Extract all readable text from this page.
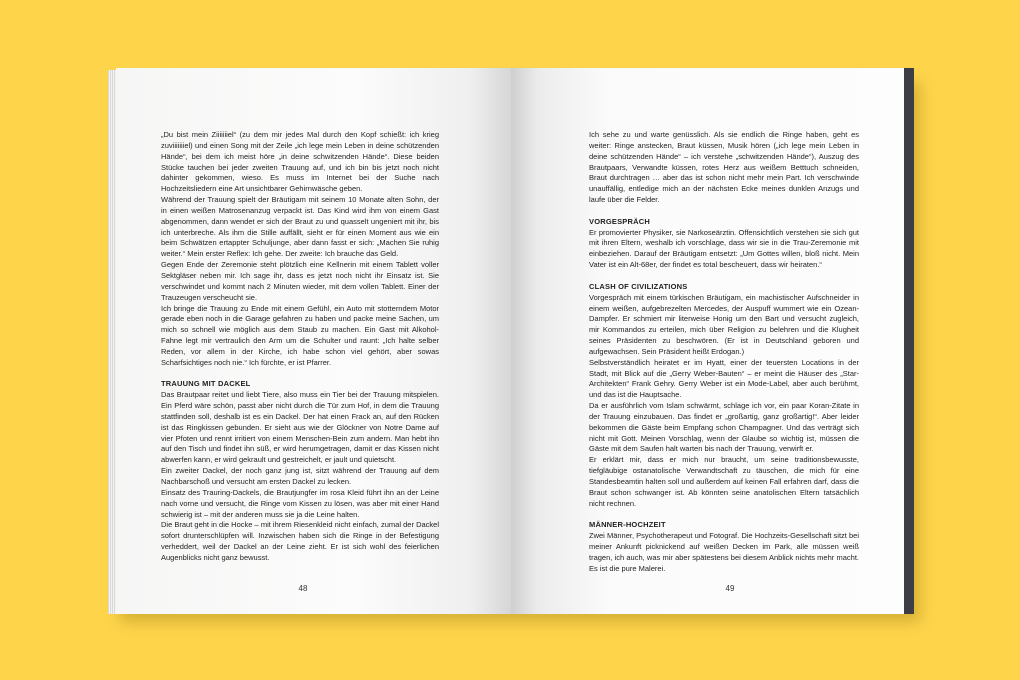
„Du bist mein Ziiiiiiiel“ (zu dem mir jedes Mal durch den Kopf schießt: ich krieg zuviiiiiiiel) und einen Song mit der Zeile „ich lege mein Leben in deine schützenden Hände“, bei dem ich meist höre „in deine schwitzenden Hände“. Diese beiden Stücke tauchen bei jeder zweiten Trauung auf, und ich bin bis jetzt noch nicht dahinter gekommen, wieso. Es muss im Internet bei der Suche nach Hochzeitsliedern eine Art unsichtbarer Gehirnwäsche geben.

Während der Trauung spielt der Bräutigam mit seinem 10 Monate alten Sohn, der in einen weißen Matrosenanzug verpackt ist. Das Kind wird ihm von einem Gast abgenommen, dann wendet er sich der Braut zu und quasselt ungeniert mit ihr, bis ich unterbreche. Als ihm die Stille auffällt, sieht er für einen Moment aus wie ein beim Schwätzen ertappter Schuljunge, aber dann fasst er sich: „Machen Sie ruhig weiter.“ Mein erster Reflex: Ich gehe. Der zweite: Ich brauche das Geld.

Gegen Ende der Zeremonie steht plötzlich eine Kellnerin mit einem Tablett voller Sektgläser neben mir. Ich sage ihr, dass es jetzt noch nicht ihr Einsatz ist. Sie verschwindet und kommt nach 2 Minuten wieder, mit dem vollen Tablett. Einer der Trauzeugen verscheucht sie.

Ich bringe die Trauung zu Ende mit einem Gefühl, ein Auto mit stotterndem Motor gerade eben noch in die Garage gefahren zu haben und packe meine Sachen, um mich so schnell wie möglich aus dem Staub zu machen. Ein Gast mit Alkohol-Fahne legt mir vertraulich den Arm um die Schulter und raunt: „Ich halte selber Reden, vor allem in der Kirche, ich habe schon viel gehört, aber sowas Scharfsichtiges noch nie.“ Ich fürchte, er ist Pfarrer.

TRAUUNG MIT DACKEL

Das Brautpaar reitet und liebt Tiere, also muss ein Tier bei der Trauung mitspielen. Ein Pferd wäre schön, passt aber nicht durch die Tür zum Hof, in dem die Trauung stattfinden soll, deshalb ist es ein Dackel. Der hat einen Frack an, auf den Rücken ist das Ringkissen gebunden. Er sieht aus wie der Glöckner von Notre Dame auf vier Pfoten und rennt irritiert von einem Menschen-Bein zum andern. Man hebt ihn auf den Tisch und findet ihn süß, er wird herumgetragen, damit er das Kissen nicht abwerfen kann, er wird gekrault und gestreichelt, er jault und quietscht.

Ein zweiter Dackel, der noch ganz jung ist, sitzt während der Trauung auf dem Nachbarschoß und versucht am ersten Dackel zu lecken.

Einsatz des Trauring-Dackels, die Brautjungfer im rosa Kleid führt ihn an der Leine nach vorne und versucht, die Ringe vom Kissen zu lösen, was aber mit einer Hand schwierig ist – mit der anderen muss sie ja die Leine halten.

Die Braut geht in die Hocke – mit ihrem Riesenkleid nicht einfach, zumal der Dackel sofort drunterschlüpfen will. Inzwischen haben sich die Ringe in der Befestigung verheddert, weil der Dackel an der Leine zieht. Er ist sich wohl des feierlichen Augenblicks nicht ganz bewusst.

48

Ich sehe zu und warte genüsslich. Als sie endlich die Ringe haben, geht es weiter: Ringe anstecken, Braut küssen, Musik hören („ich lege mein Leben in deine schützenden Hände“ – ich verstehe „schwitzenden Hände“), Auszug des Brautpaars, Verwandte küssen, rotes Herz aus weißem Betttuch schneiden, Braut durchtragen … aber das ist schon nicht mehr mein Part. Ich verschwinde unauffällig, entledige mich an der nächsten Ecke meines dunklen Anzugs und laufe über die Felder.

VORGESPRÄCH

Er promovierter Physiker, sie Narkoseärztin. Offensichtlich verstehen sie sich gut mit ihren Eltern, weshalb ich vorschlage, dass wir sie in die Trau-Zeremonie mit einbeziehen. Darauf der Bräutigam entsetzt: „Um Gottes willen, bloß nicht. Mein Vater ist ein Alt-68er, der findet es total bescheuert, dass wir heiraten.“

CLASH OF CIVILIZATIONS

Vorgespräch mit einem türkischen Bräutigam, ein machistischer Aufschneider in einem weißen, aufgebrezelten Mercedes, der Auspuff wummert wie ein Ozean-Dampfer. Er schmiert mir literweise Honig um den Bart und versucht zugleich, mir Kommandos zu erteilen, mich über Religion zu belehren und die Klugheit seines Präsidenten zu beschwören. (Er ist in Deutschland geboren und aufgewachsen. Sein Präsident heißt Erdogan.)

Selbstverständlich heiratet er im Hyatt, einer der teuersten Locations in der Stadt, mit Blick auf die „Gerry Weber-Bauten“ – er meint die Häuser des „Star-Architekten“ Frank Gehry. Gerry Weber ist ein Mode-Label, aber auch berühmt, und das ist die Hauptsache.

Da er ausführlich vom Islam schwärmt, schlage ich vor, ein paar Koran-Zitate in der Trauung einzubauen. Das findet er „großartig, ganz großartig!“. Aber leider bekommen die Gäste beim Empfang schon Champagner. Und das verträgt sich nicht mit Gott. Meinen Vorschlag, wenn der Glaube so wichtig ist, müssen die Gäste mit dem Saufen halt warten bis nach der Trauung, verwirft er.

Er erklärt mir, dass er mich nur braucht, um seine traditionsbewusste, tiefgläubige ostanatolische Verwandtschaft zu täuschen, die mich für eine Standesbeamtin halten soll und außerdem auf keinen Fall erfahren darf, dass die Braut schon schwanger ist. Ab könnten seine anatolischen Eltern tatsächlich nicht rechnen.

MÄNNER-HOCHZEIT

Zwei Männer, Psychotherapeut und Fotograf. Die Hochzeits-Gesellschaft sitzt bei meiner Ankunft picknickend auf weißen Decken im Park, alle müssen weiß tragen, ich auch, was mir aber spätestens bei diesem Anblick nichts mehr macht. Es ist die pure Malerei.

49
